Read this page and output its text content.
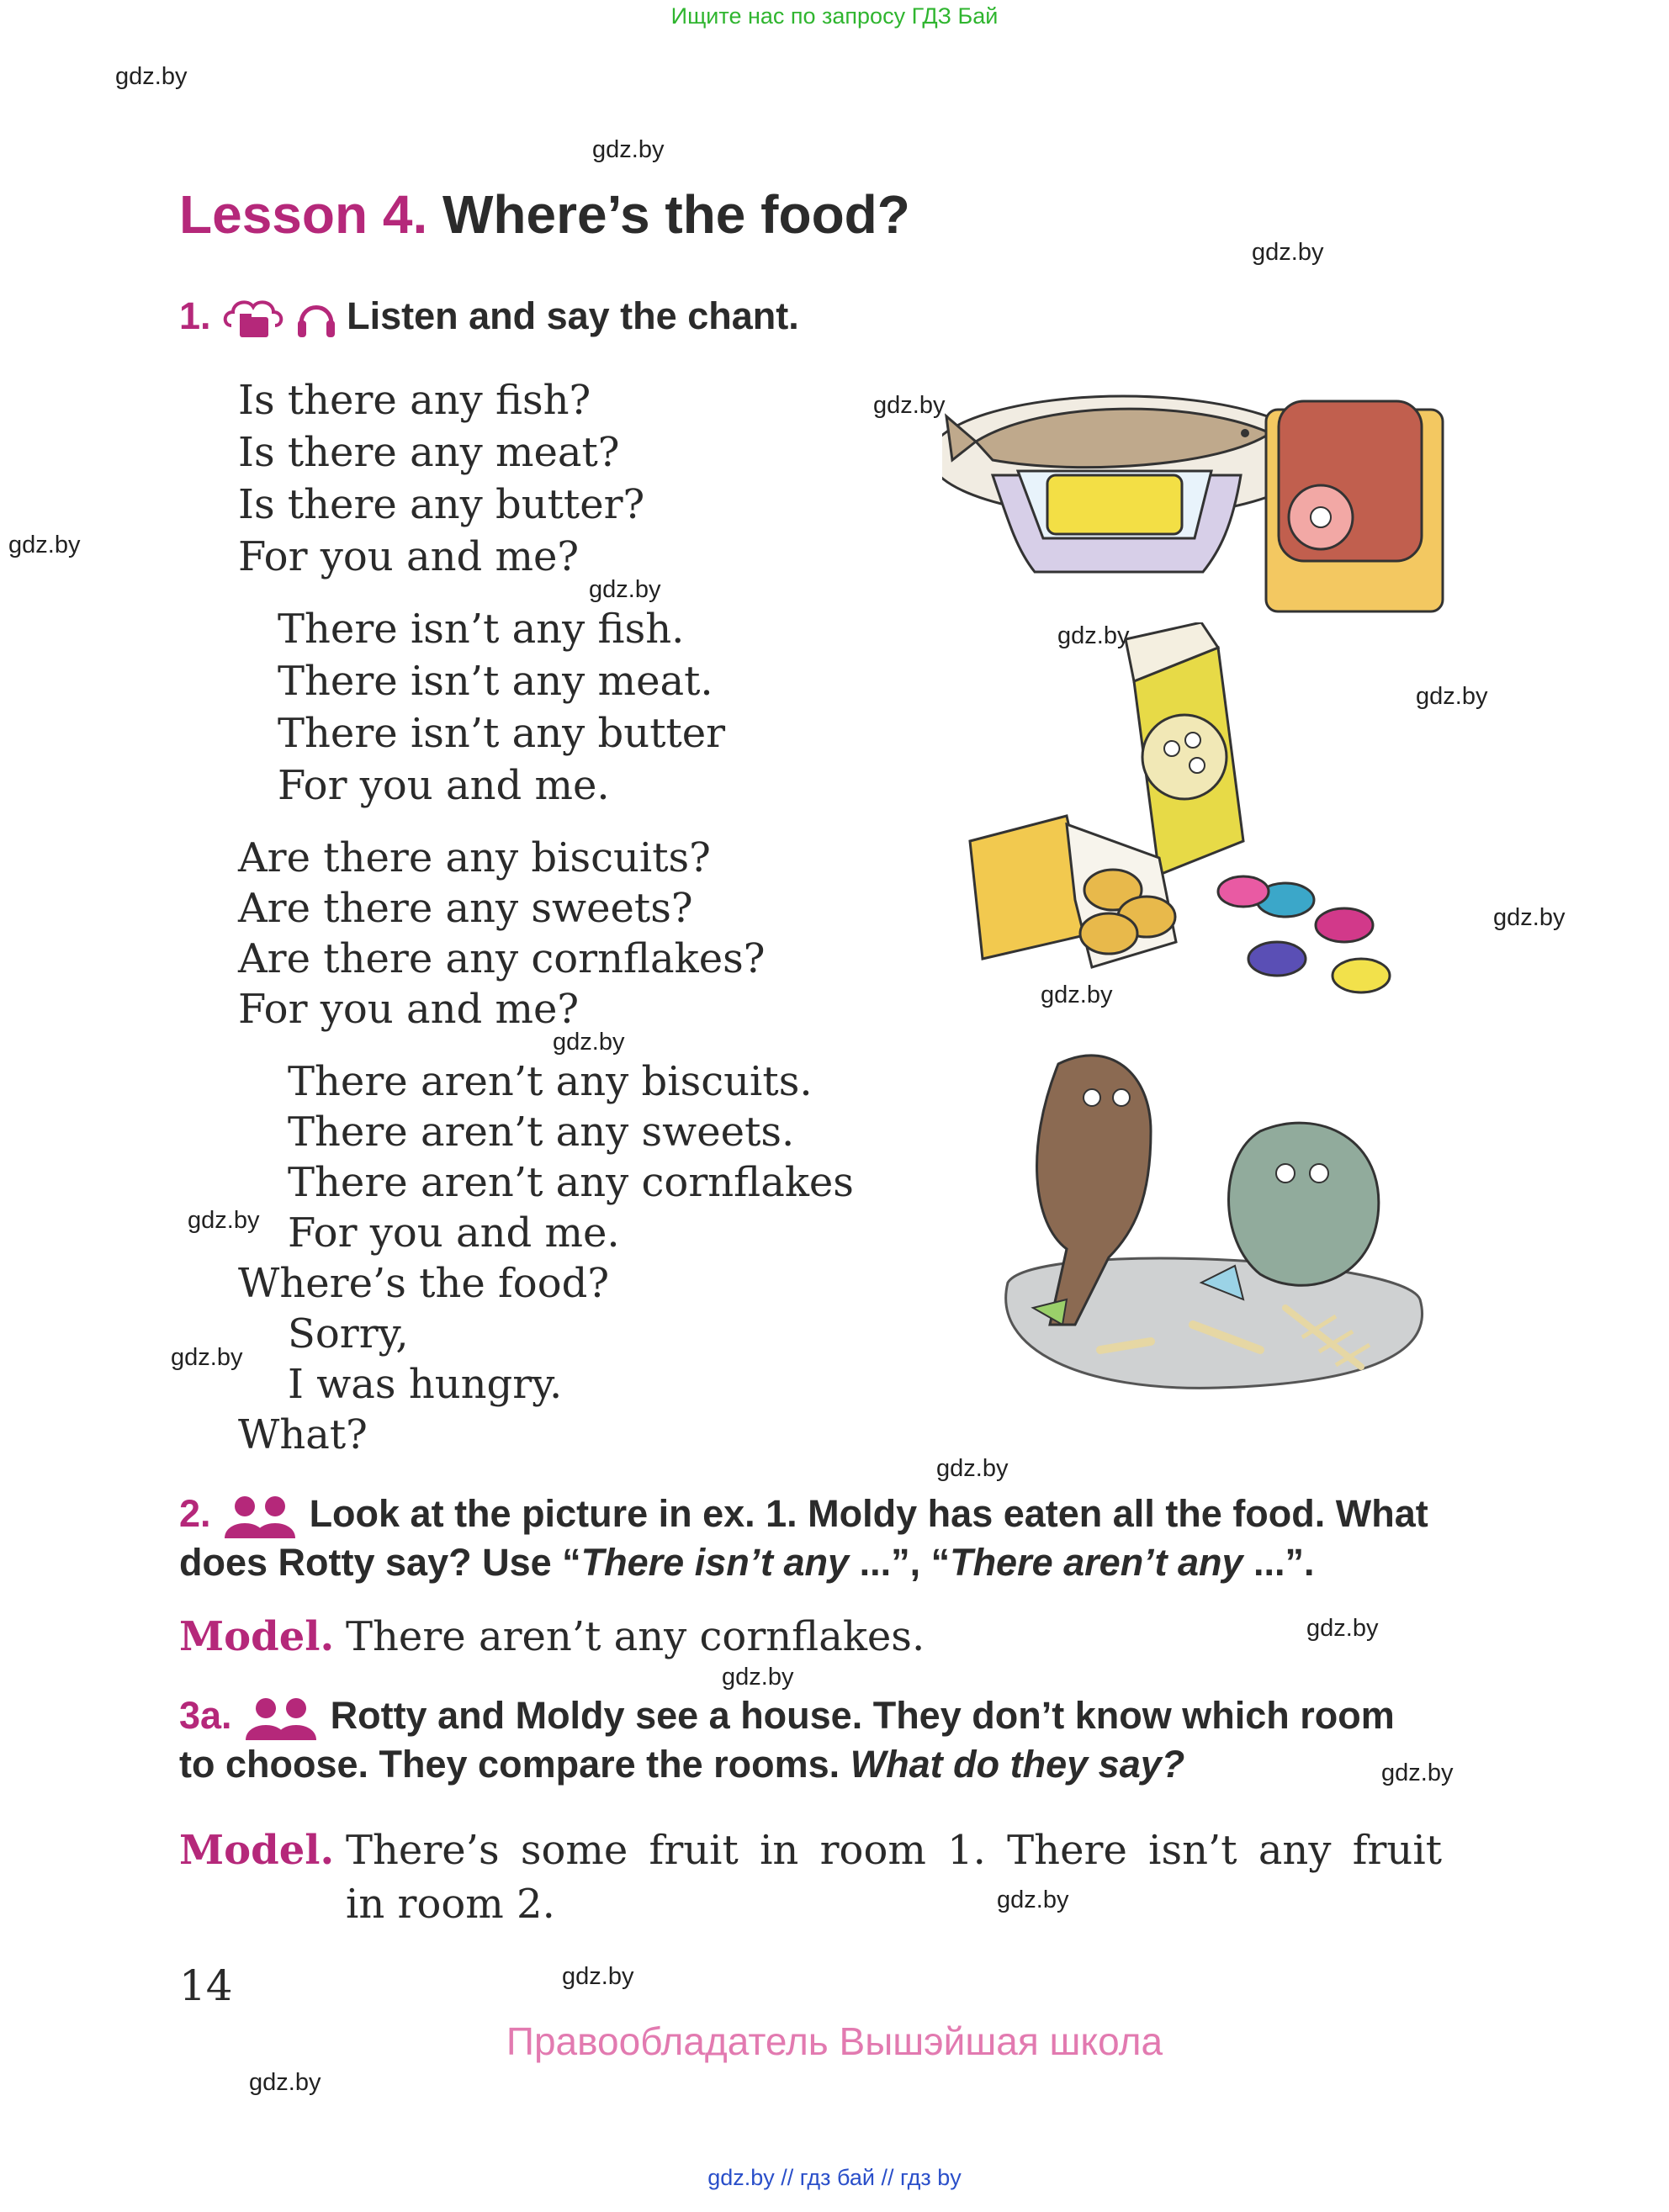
Ищите нас по запросу ГДЗ Бай
gdz.by
gdz.by
gdz.by
gdz.by
gdz.by
gdz.by
gdz.by
gdz.by
gdz.by
gdz.by
gdz.by
gdz.by
gdz.by
gdz.by
gdz.by
gdz.by
gdz.by
gdz.by
gdz.by
gdz.by
Lesson 4. Where’s the food?
1.
	Listen and say the chant.
Is there any fish?
Is there any meat?
Is there any butter?
For you and me?
There isn’t any fish.
There isn’t any meat.
There isn’t any butter
For you and me.
Are there any biscuits?
Are there any sweets?
Are there any cornflakes?
For you and me?
There aren’t any biscuits.
There aren’t any sweets.
There aren’t any cornflakes
For you and me.
Where’s the food?
Sorry,
I was hungry.
What?
2.	Look at the picture in ex. 1. Moldy has eaten all the food. What
does Rotty say? Use “There isn’t any ...”, “There aren’t any ...”.
Model. There aren’t any cornflakes.
3a.	Rotty and Moldy see a house. They don’t know which room
to choose. They compare the rooms. What do they say?
Model. There’s some fruit in room 1. There isn’t any fruit
in room 2.
14
Правообладатель Вышэйшая школа
gdz.by // гдз бай // гдз by
